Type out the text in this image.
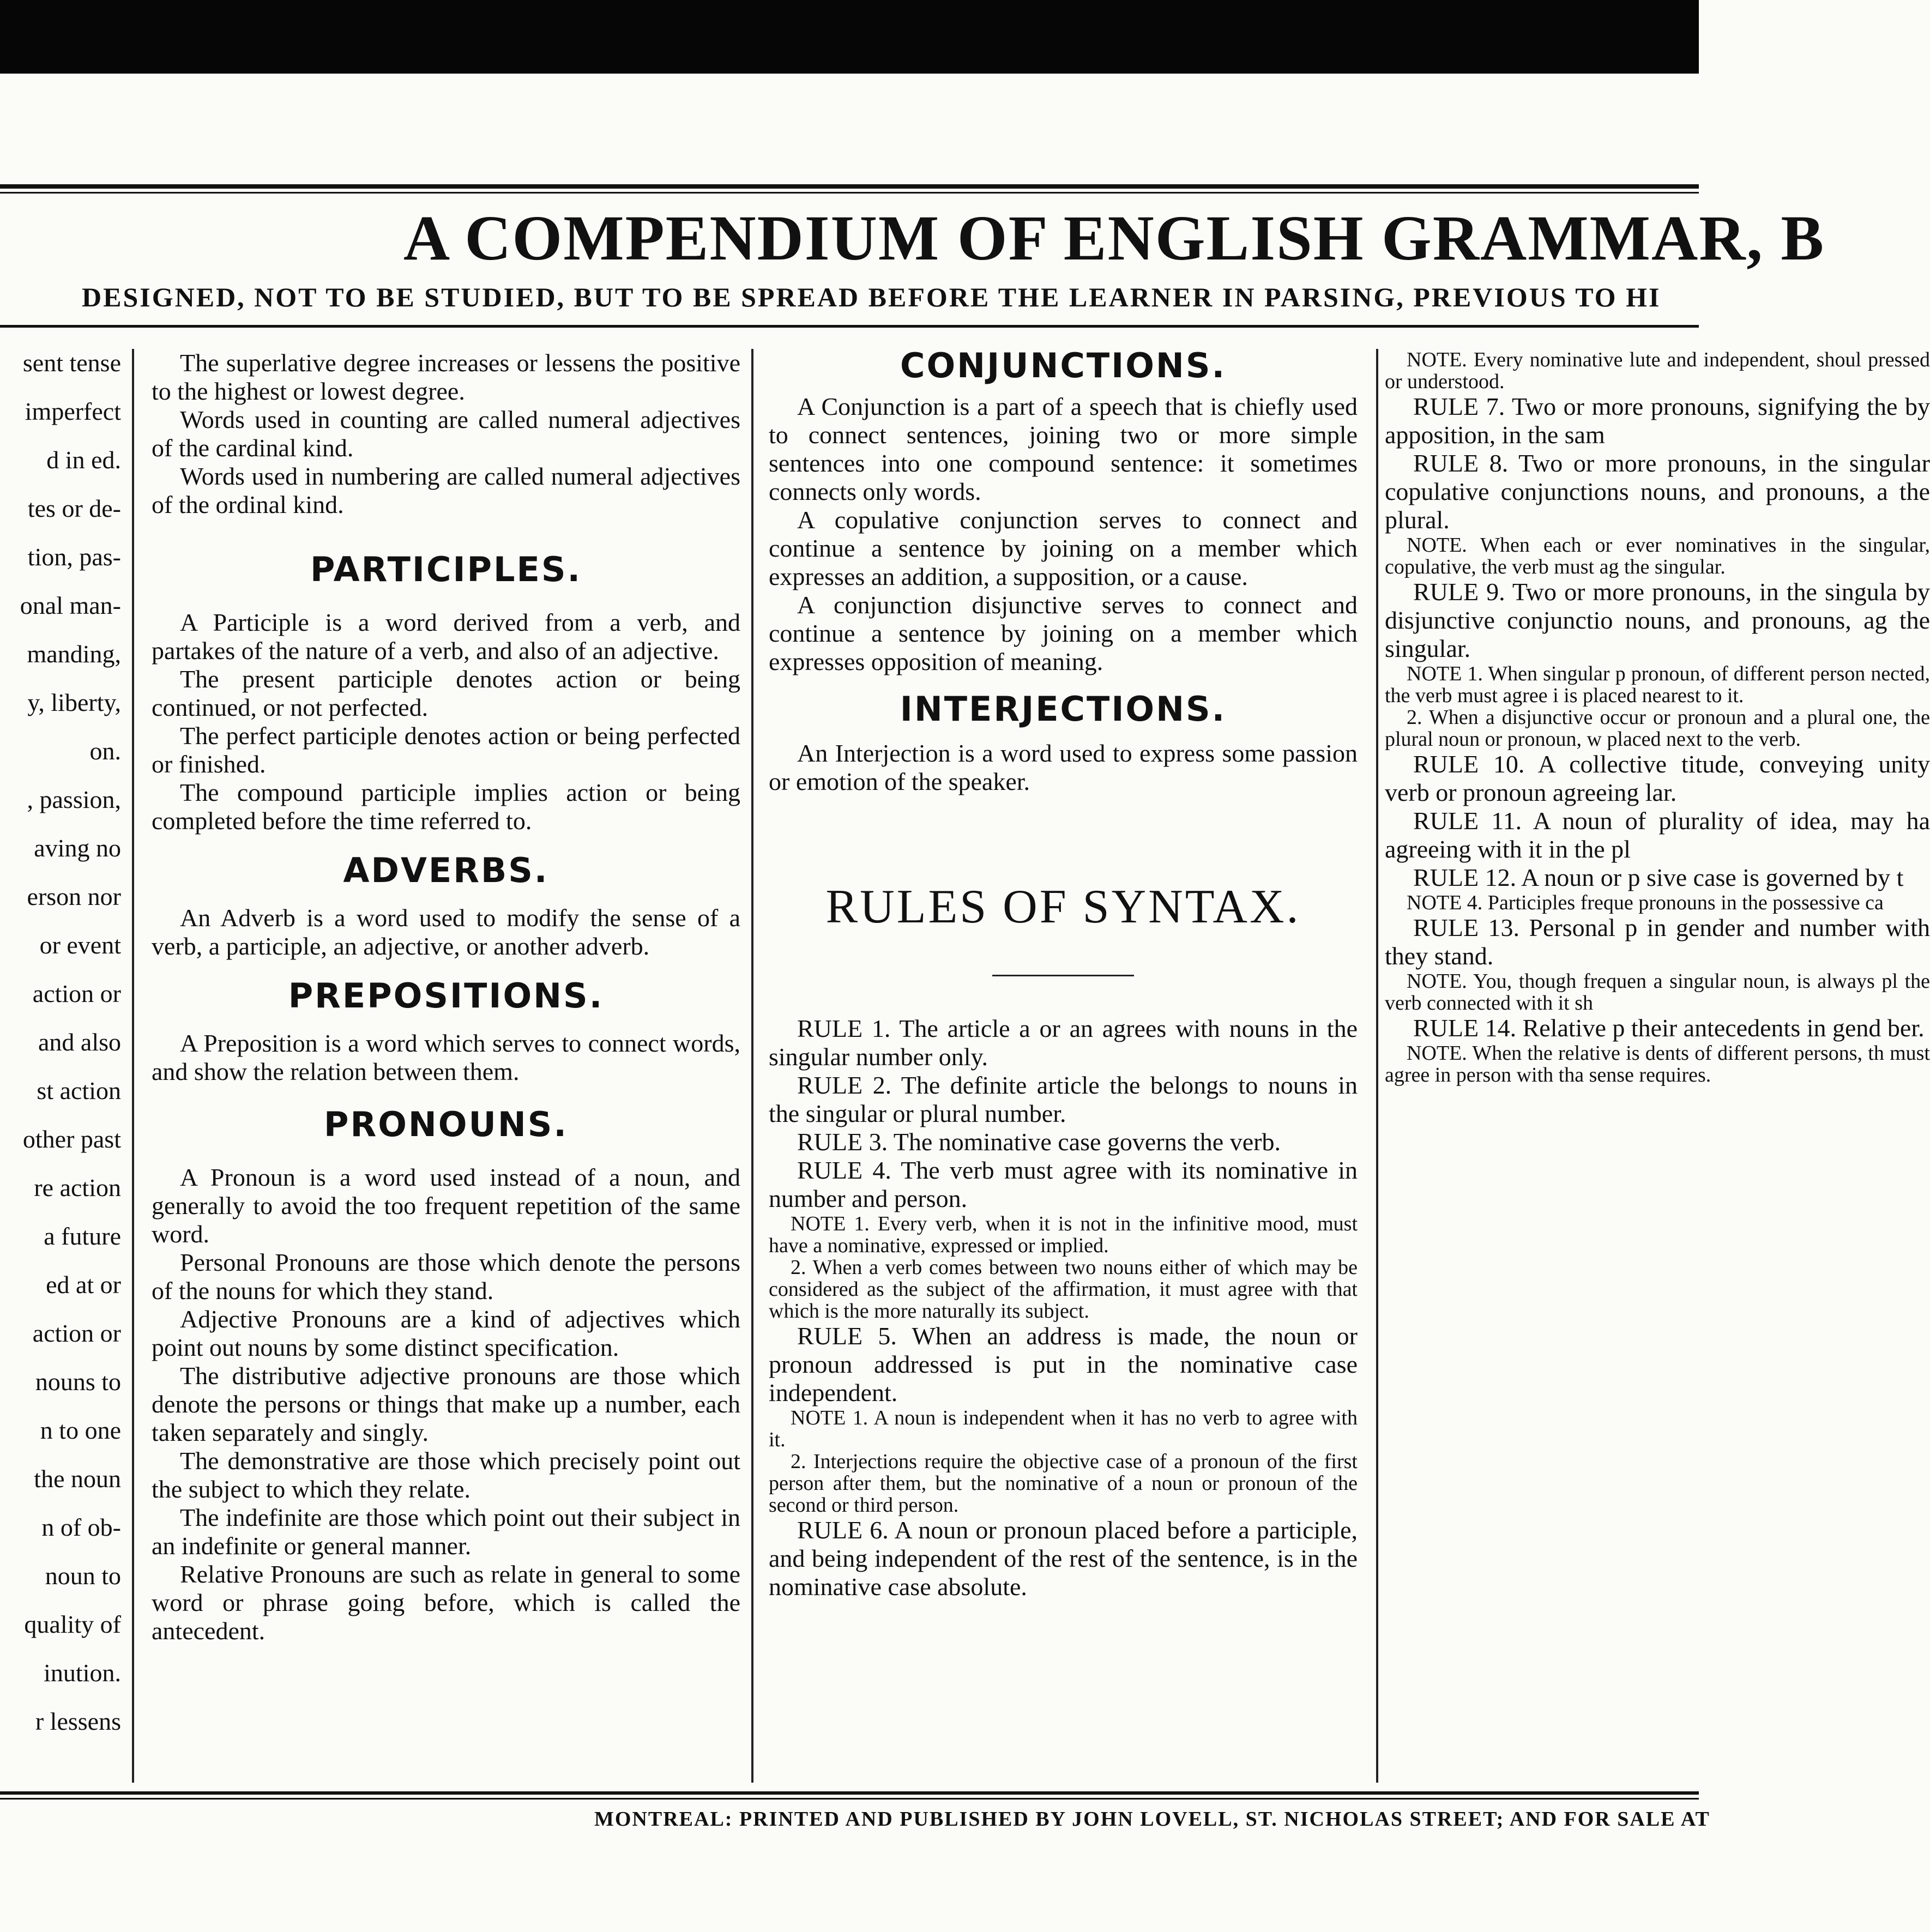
A COMPENDIUM OF ENGLISH GRAMMAR, B
DESIGNED, NOT TO BE STUDIED, BUT TO BE SPREAD BEFORE THE LEARNER IN PARSING, PREVIOUS TO HI

sent tense

imperfect

d in ed.

tes or de-

tion, pas-

onal man-

manding,

y, liberty,

on.

, passion,

aving no

erson nor

or event

action or

and also

st action

other past

re action

a future

ed at or

action or

nouns to

n to one

the noun

n of ob-

noun to

quality of

inution.

r lessens

The superlative degree increases or lessens the positive to the highest or lowest degree.

Words used in counting are called numeral adjectives of the cardinal kind.

Words used in numbering are called numeral adjectives of the ordinal kind.

PARTICIPLES.

A Participle is a word derived from a verb, and partakes of the nature of a verb, and also of an adjective.

The present participle denotes action or being continued, or not perfected.

The perfect participle denotes action or being perfected or finished.

The compound participle implies action or being completed before the time referred to.

ADVERBS.

An Adverb is a word used to modify the sense of a verb, a participle, an adjective, or another adverb.

PREPOSITIONS.

A Preposition is a word which serves to connect words, and show the relation between them.

PRONOUNS.

A Pronoun is a word used instead of a noun, and generally to avoid the too frequent repetition of the same word.

Personal Pronouns are those which denote the persons of the nouns for which they stand.

Adjective Pronouns are a kind of adjectives which point out nouns by some distinct specification.

The distributive adjective pronouns are those which denote the persons or things that make up a number, each taken separately and singly.

The demonstrative are those which precisely point out the subject to which they relate.

The indefinite are those which point out their subject in an indefinite or general manner.

Relative Pronouns are such as relate in general to some word or phrase going before, which is called the antecedent.

CONJUNCTIONS.

A Conjunction is a part of a speech that is chiefly used to connect sentences, joining two or more simple sentences into one compound sentence: it sometimes connects only words.

A copulative conjunction serves to connect and continue a sentence by joining on a member which expresses an addition, a supposition, or a cause.

A conjunction disjunctive serves to connect and continue a sentence by joining on a member which expresses opposition of meaning.

INTERJECTIONS.

An Interjection is a word used to express some passion or emotion of the speaker.

RULES OF SYNTAX.

RULE 1. The article a or an agrees with nouns in the singular number only.

RULE 2. The definite article the belongs to nouns in the singular or plural number.

RULE 3. The nominative case governs the verb.

RULE 4. The verb must agree with its nominative in number and person.

NOTE 1. Every verb, when it is not in the infinitive mood, must have a nominative, expressed or implied.

2. When a verb comes between two nouns either of which may be considered as the subject of the affirmation, it must agree with that which is the more naturally its subject.

RULE 5. When an address is made, the noun or pronoun addressed is put in the nominative case independent.

NOTE 1. A noun is independent when it has no verb to agree with it.

2. Interjections require the objective case of a pronoun of the first person after them, but the nominative of a noun or pronoun of the second or third person.

RULE 6. A noun or pronoun placed before a participle, and being independent of the rest of the sentence, is in the nominative case absolute.

NOTE. Every nominative lute and independent, shoul pressed or understood.

RULE 7. Two or more pronouns, signifying the by apposition, in the sam

RULE 8. Two or more pronouns, in the singular copulative conjunctions nouns, and pronouns, a the plural.

NOTE. When each or ever nominatives in the singular, copulative, the verb must ag the singular.

RULE 9. Two or more pronouns, in the singula by disjunctive conjunctio nouns, and pronouns, ag the singular.

NOTE 1. When singular p pronoun, of different person nected, the verb must agree i is placed nearest to it.

2. When a disjunctive occur or pronoun and a plural one, the plural noun or pronoun, w placed next to the verb.

RULE 10. A collective titude, conveying unity verb or pronoun agreeing lar.

RULE 11. A noun of plurality of idea, may ha agreeing with it in the pl

RULE 12. A noun or p sive case is governed by t

NOTE 4. Participles freque pronouns in the possessive ca

RULE 13. Personal p in gender and number with they stand.

NOTE. You, though frequen a singular noun, is always pl the verb connected with it sh

RULE 14. Relative p their antecedents in gend ber.

NOTE. When the relative is dents of different persons, th must agree in person with tha sense requires.

MONTREAL: PRINTED AND PUBLISHED BY JOHN LOVELL, ST. NICHOLAS STREET; AND FOR SALE AT
